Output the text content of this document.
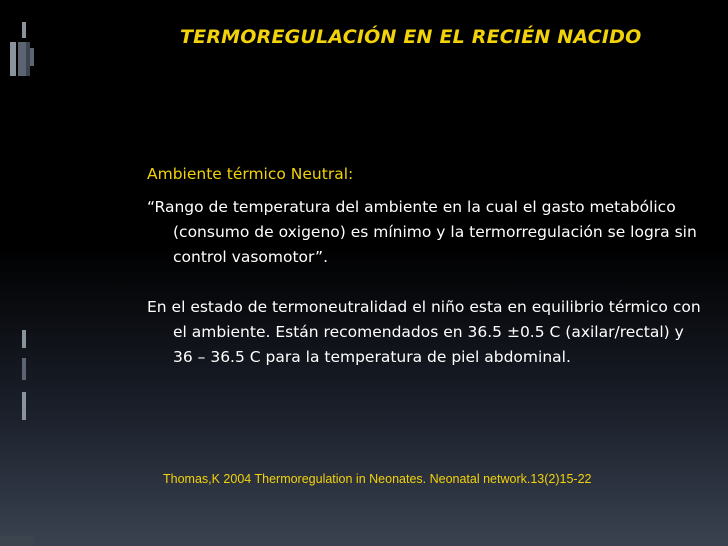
TERMOREGULACIÓN EN EL RECIÉN NACIDO
Ambiente térmico Neutral:

“Rango de temperatura del ambiente en la cual el gasto metabólico (consumo de oxigeno) es mínimo y la termorregulación se logra sin control vasomotor”.

En el estado de termoneutralidad el niño esta en equilibrio térmico con el ambiente. Están recomendados en 36.5 ±0.5 C (axilar/rectal) y 36 – 36.5 C para la temperatura de piel abdominal.

Thomas,K 2004 Thermoregulation in Neonates. Neonatal network.13(2)15-22
